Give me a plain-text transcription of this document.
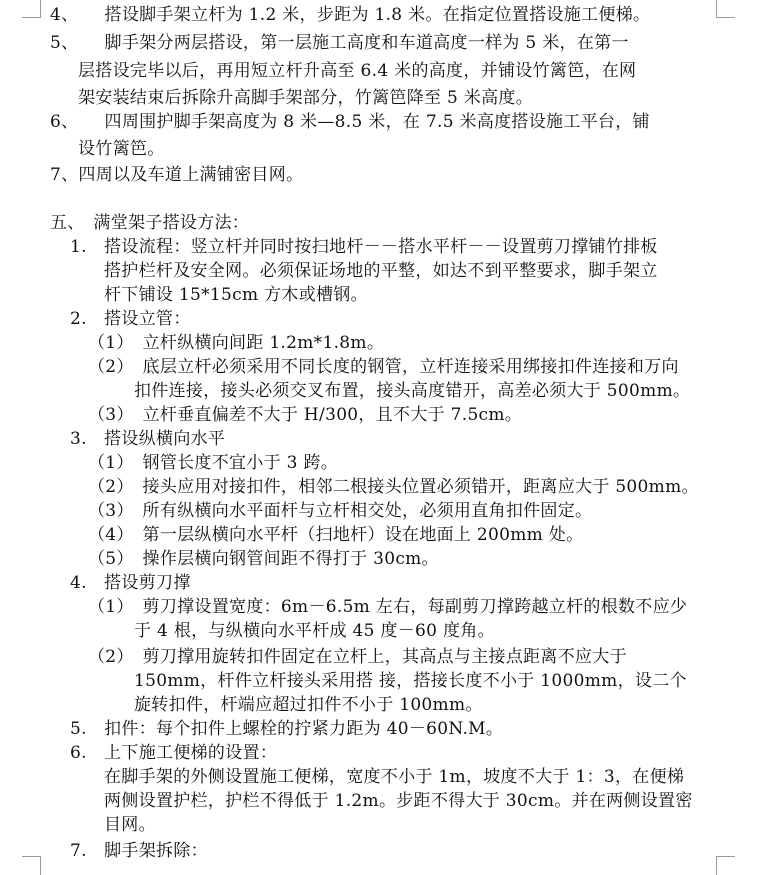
4、　　搭设脚手架立杆为 1.2 米，步距为 1.8 米。在指定位置搭设施工便梯。
5、　　脚手架分两层搭设，第一层施工高度和车道高度一样为 5 米，在第一
层搭设完毕以后，再用短立杆升高至 6.4 米的高度，并铺设竹篱笆，在网
架安装结束后拆除升高脚手架部分，竹篱笆降至 5 米高度。
6、　　四周围护脚手架高度为 8 米—8.5 米，在 7.5 米高度搭设施工平台，铺
设竹篱笆。
7、四周以及车道上满铺密目网。
五、　满堂架子搭设方法：
1.　搭设流程：竖立杆并同时按扫地杆－－搭水平杆－－设置剪刀撑铺竹排板
搭护栏杆及安全网。必须保证场地的平整，如达不到平整要求，脚手架立
杆下铺设 15*15cm 方木或槽钢。
2.　搭设立管：
（1）　立杆纵横向间距 1.2m*1.8m。
（2）　底层立杆必须采用不同长度的钢管，立杆连接采用绑接扣件连接和万向
扣件连接，接头必须交叉布置，接头高度错开，高差必须大于 500mm。
（3）　立杆垂直偏差不大于 H/300，且不大于 7.5cm。
3.　搭设纵横向水平
（1）　钢管长度不宜小于 3 跨。
（2）　接头应用对接扣件，相邻二根接头位置必须错开，距离应大于 500mm。
（3）　所有纵横向水平面杆与立杆相交处，必须用直角扣件固定。
（4）　第一层纵横向水平杆（扫地杆）设在地面上 200mm 处。
（5）　操作层横向钢管间距不得打于 30cm。
4.　搭设剪刀撑
（1）　剪刀撑设置宽度：6m－6.5m 左右，每副剪刀撑跨越立杆的根数不应少
于 4 根，与纵横向水平杆成 45 度－60 度角。
（2）　剪刀撑用旋转扣件固定在立杆上，其高点与主接点距离不应大于
150mm，杆件立杆接头采用搭 接，搭接长度不小于 1000mm，设二个
旋转扣件，杆端应超过扣件不小于 100mm。
5.　扣件：每个扣件上螺栓的拧紧力距为 40－60N.M。
6.　上下施工便梯的设置：
在脚手架的外侧设置施工便梯，宽度不小于 1m，坡度不大于 1：3，在便梯
两侧设置护栏，护栏不得低于 1.2m。步距不得大于 30cm。并在两侧设置密
目网。
7.　脚手架拆除：
